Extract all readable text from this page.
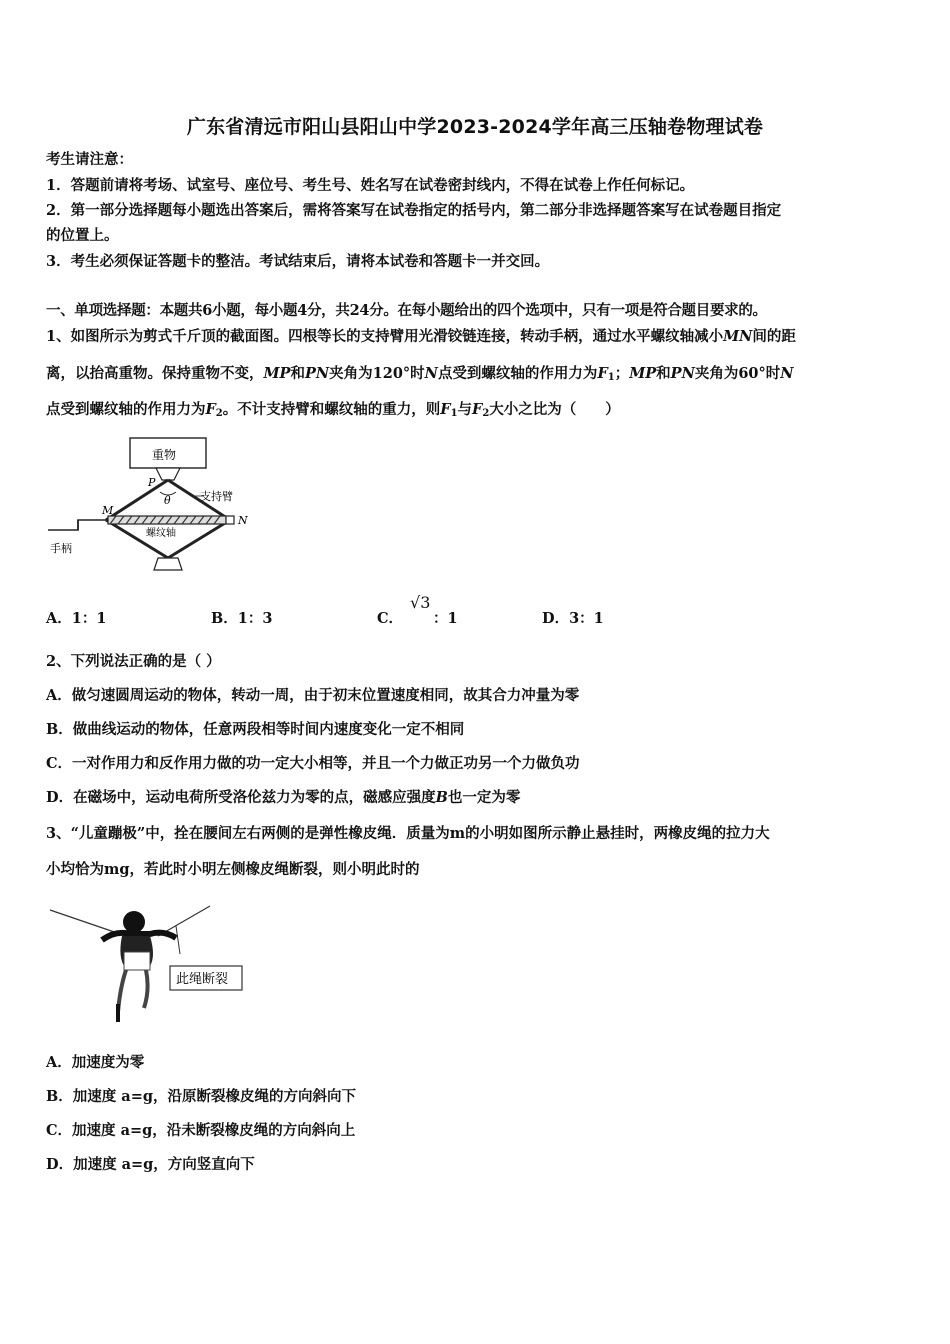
广东省清远市阳山县阳山中学2023-2024学年高三压轴卷物理试卷
考生请注意：
1．答题前请将考场、试室号、座位号、考生号、姓名写在试卷密封线内，不得在试卷上作任何标记。
2．第一部分选择题每小题选出答案后，需将答案写在试卷指定的括号内，第二部分非选择题答案写在试卷题目指定
的位置上。
3．考生必须保证答题卡的整洁。考试结束后，请将本试卷和答题卡一并交回。
一、单项选择题：本题共6小题，每小题4分，共24分。在每小题给出的四个选项中，只有一项是符合题目要求的。
1、如图所示为剪式千斤顶的截面图。四根等长的支持臂用光滑铰链连接，转动手柄，通过水平螺纹轴减小MN间的距
离，以抬高重物。保持重物不变，MP和PN夹角为120°时N点受到螺纹轴的作用力为$F_1$；MP和PN夹角为60°时N
点受到螺纹轴的作用力为$F_2$。不计支持臂和螺纹轴的重力，则$F_1$与$F_2$大小之比为（　　）
重物
P
θ	支持臂
M
N
螺纹轴
手柄
A．1：1	B．1：3	C．
√3
：1	D．3：1
2、下列说法正确的是（ ）
A．做匀速圆周运动的物体，转动一周，由于初末位置速度相同，故其合力冲量为零
B．做曲线运动的物体，任意两段相等时间内速度变化一定不相同
C．一对作用力和反作用力做的功一定大小相等，并且一个力做正功另一个力做负功
D．在磁场中，运动电荷所受洛伦兹力为零的点，磁感应强度B也一定为零
3、“儿童蹦极”中，拴在腰间左右两侧的是弹性橡皮绳．质量为m的小明如图所示静止悬挂时，两橡皮绳的拉力大
小均恰为mg，若此时小明左侧橡皮绳断裂，则小明此时的
此绳断裂
A．加速度为零
B．加速度 a=g，沿原断裂橡皮绳的方向斜向下
C．加速度 a=g，沿未断裂橡皮绳的方向斜向上
D．加速度 a=g，方向竖直向下
